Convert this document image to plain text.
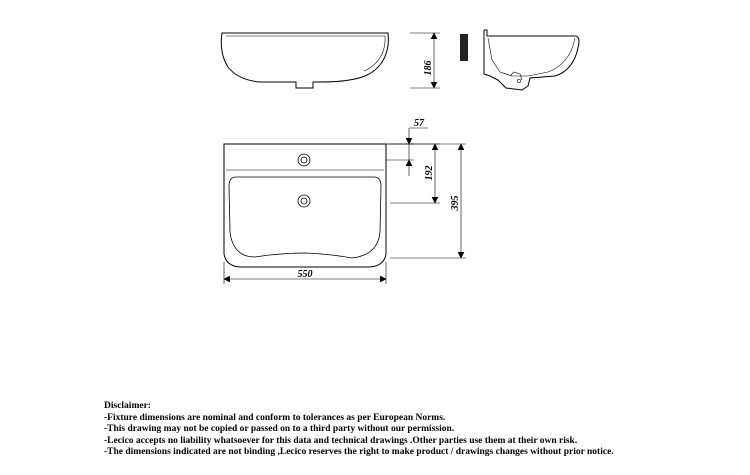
186
57
192
395
550
Disclaimer:
-Fixture dimensions are nominal and conform to tolerances as per European Norms.
-This drawing may not be copied or passed on to a third party without our permission.
-Lecico accepts no liability whatsoever for this data and technical drawings .Other parties use them at their own risk.
-The dimensions indicated are not binding ,Lecico reserves the right to make product / drawings changes without prior notice.
